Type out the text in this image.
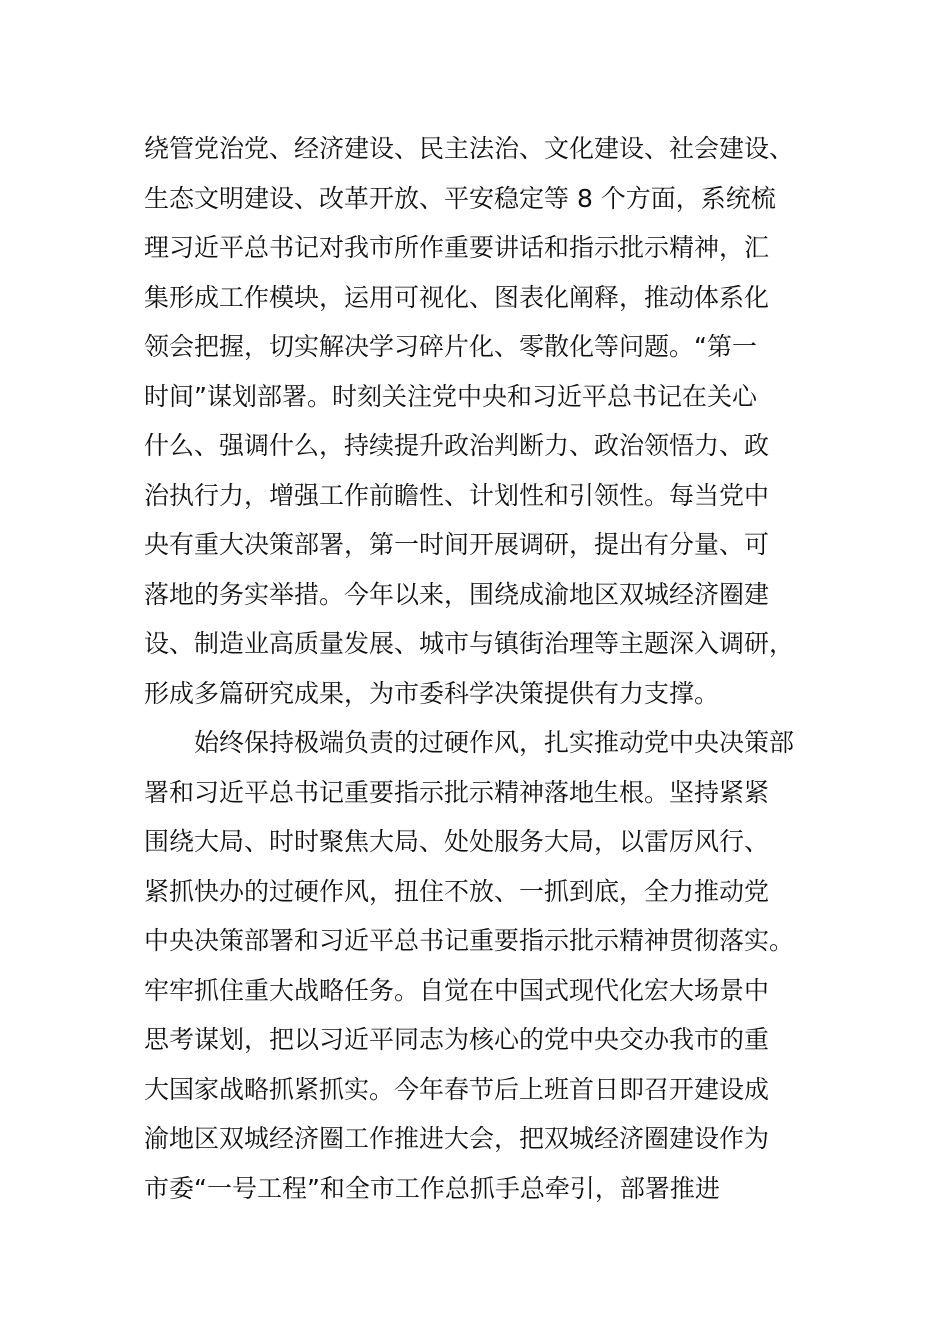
绕管党治党、经济建设、民主法治、文化建设、社会建设、
生态文明建设、改革开放、平安稳定等 8 个方面，系统梳
理习近平总书记对我市所作重要讲话和指示批示精神，汇
集形成工作模块，运用可视化、图表化阐释，推动体系化
领会把握，切实解决学习碎片化、零散化等问题。“第一
时间”谋划部署。时刻关注党中央和习近平总书记在关心
什么、强调什么，持续提升政治判断力、政治领悟力、政
治执行力，增强工作前瞻性、计划性和引领性。每当党中
央有重大决策部署，第一时间开展调研，提出有分量、可
落地的务实举措。今年以来，围绕成渝地区双城经济圈建
设、制造业高质量发展、城市与镇街治理等主题深入调研，
形成多篇研究成果，为市委科学决策提供有力支撑。
　　始终保持极端负责的过硬作风，扎实推动党中央决策部
署和习近平总书记重要指示批示精神落地生根。坚持紧紧
围绕大局、时时聚焦大局、处处服务大局，以雷厉风行、
紧抓快办的过硬作风，扭住不放、一抓到底，全力推动党
中央决策部署和习近平总书记重要指示批示精神贯彻落实。
牢牢抓住重大战略任务。自觉在中国式现代化宏大场景中
思考谋划，把以习近平同志为核心的党中央交办我市的重
大国家战略抓紧抓实。今年春节后上班首日即召开建设成
渝地区双城经济圈工作推进大会，把双城经济圈建设作为
市委“一号工程”和全市工作总抓手总牵引，部署推进
